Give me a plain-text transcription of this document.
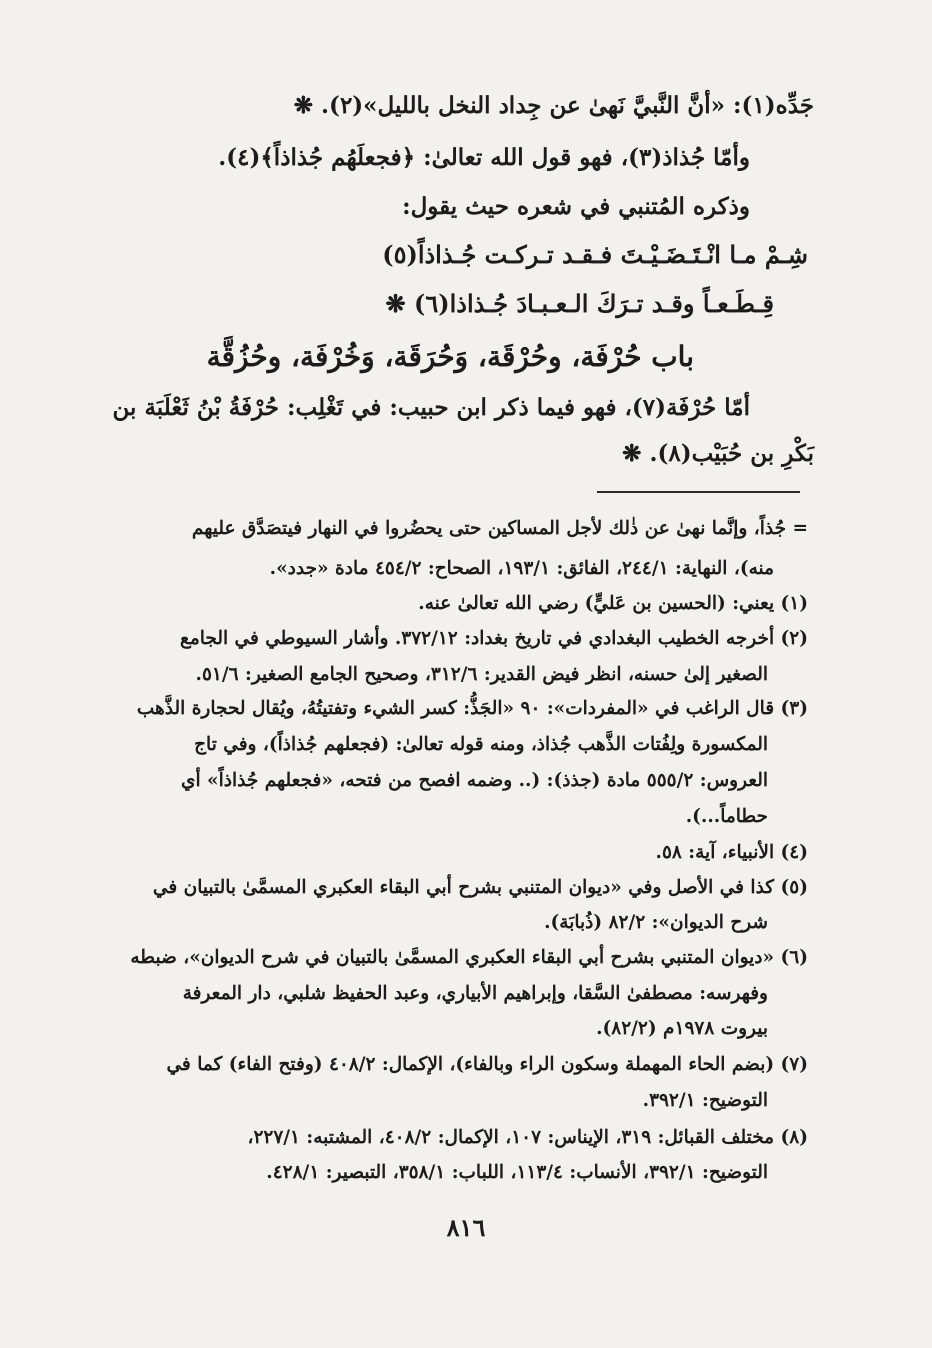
جَدِّه(١): «أنَّ النَّبيَّ نَهىٰ عن جِداد النخل بالليل»(٢). ❋
وأمّا جُذاذ(٣)، فهو قول الله تعالىٰ: ﴿فجعلَهُم جُذاذاً﴾(٤).
وذكره المُتنبي في شعره حيث يقول:
شِـمْ مـا انْـتَـضَـيْـتَ فـقـد تـركـت جُـذاذاً(٥)
قِـطَـعـاً وقـد تـرَكَ الـعـبـادَ جُـذاذا(٦) ❋
باب حُرْفَة، وحُرْقَة، وَحُرَقَة، وَخُرْفَة، وحُزُقَّة
أمّا حُرْفَة(٧)، فهو فيما ذكر ابن حبيب: في تَغْلِب: حُرْفَةُ بْنُ ثَعْلَبَة بن
بَكْرِ بن حُبَيْب(٨). ❋
= جُذاً، وإنَّما نهىٰ عن ذٰلك لأجل المساكين حتى يحضُروا في النهار فيتصَدَّق عليهم
منه)، النهاية: ٢٤٤/١، الفائق: ١٩٣/١، الصحاح: ٤٥٤/٢ مادة «جدد».
(١) يعني: (الحسين بن عَليٍّ) رضي الله تعالىٰ عنه.
(٢) أخرجه الخطيب البغدادي في تاريخ بغداد: ٣٧٢/١٢. وأشار السيوطي في الجامع
الصغير إلىٰ حسنه، انظر فيض القدير: ٣١٢/٦، وصحيح الجامع الصغير: ٥١/٦.
(٣) قال الراغب في «المفردات»: ٩٠ «الجَذُّ: كسر الشيء وتفتيتُهُ، ويُقال لحجارة الذَّهب
المكسورة ولِفُتات الذَّهب جُذاذ، ومنه قوله تعالىٰ: (فجعلهم جُذاذاً)، وفي تاج
العروس: ٥٥٥/٢ مادة (جذذ): (.. وضمه افصح من فتحه، «فجعلهم جُذاذاً» أي
حطاماً...).
(٤) الأنبياء، آية: ٥٨.
(٥) كذا في الأصل وفي «ديوان المتنبي بشرح أبي البقاء العكبري المسمَّىٰ بالتبيان في
شرح الديوان»: ٨٢/٢ (ذُبابَة).
(٦) «ديوان المتنبي بشرح أبي البقاء العكبري المسمَّىٰ بالتبيان في شرح الديوان»، ضبطه
وفهرسه: مصطفىٰ السَّقا، وإبراهيم الأبياري، وعبد الحفيظ شلبي، دار المعرفة
بيروت ١٩٧٨م (٨٢/٢).
(٧) (بضم الحاء المهملة وسكون الراء وبالفاء)، الإكمال: ٤٠٨/٢ (وفتح الفاء) كما في
التوضيح: ٣٩٢/١.
(٨) مختلف القبائل: ٣١٩، الإيناس: ١٠٧، الإكمال: ٤٠٨/٢، المشتبه: ٢٢٧/١،
التوضيح: ٣٩٢/١، الأنساب: ١١٣/٤، اللباب: ٣٥٨/١، التبصير: ٤٢٨/١.
٨١٦
